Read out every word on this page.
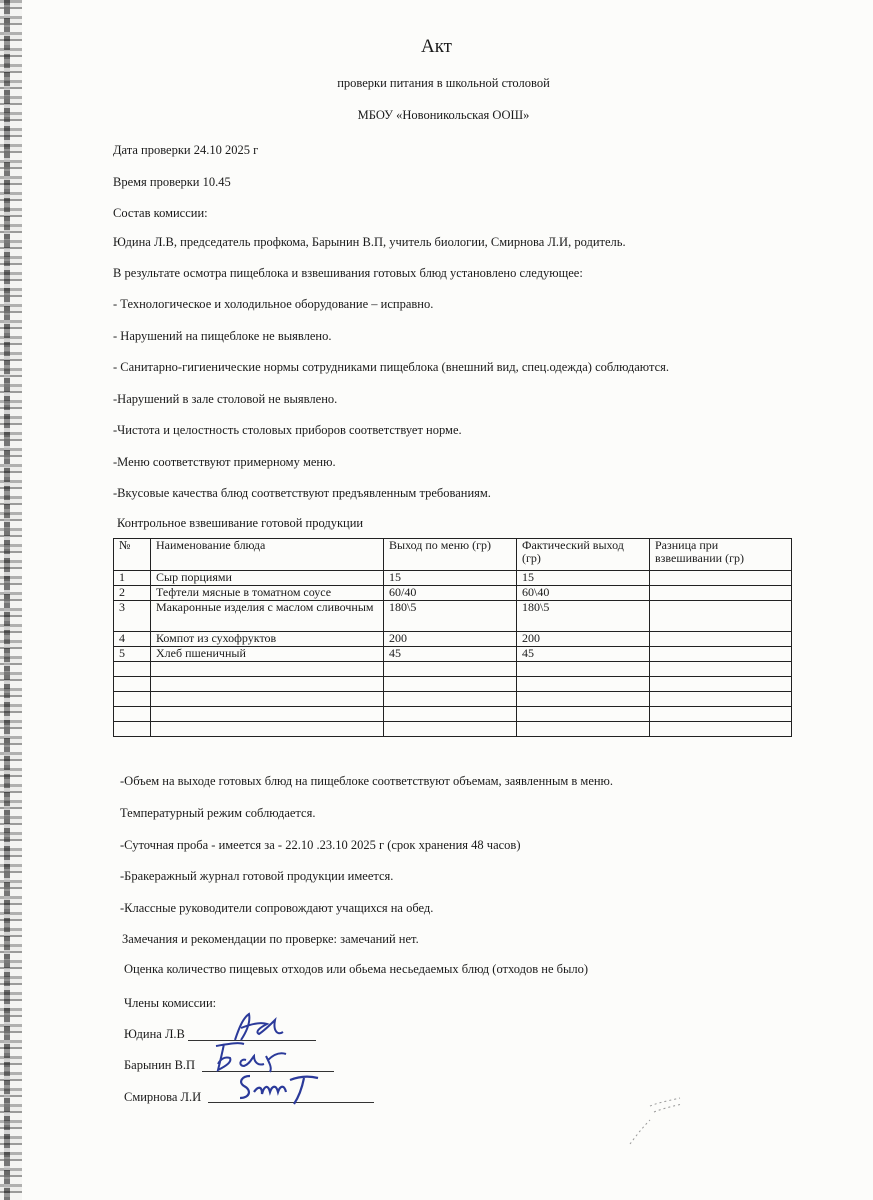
Акт
проверки питания в школьной столовой
МБОУ «Новоникольская ООШ»
Дата проверки 24.10 2025 г
Время проверки 10.45
Состав комиссии:
Юдина Л.В, председатель профкома, Барынин В.П, учитель биологии, Смирнова Л.И, родитель.
В результате осмотра пищеблока и взвешивания готовых блюд установлено следующее:
- Технологическое и холодильное оборудование – исправно.
- Нарушений на пищеблоке не выявлено.
- Санитарно-гигиенические нормы сотрудниками пищеблока (внешний вид, спец.одежда) соблюдаются.
-Нарушений в зале столовой не выявлено.
-Чистота и целостность столовых приборов соответствует норме.
-Меню соответствуют примерному меню.
-Вкусовые качества блюд соответствуют предъявленным требованиям.
Контрольное взвешивание готовой продукции
№	Наименование блюда	Выход по меню (гр)	Фактический выход (гр)	Разница при взвешивании (гр)
1	Сыр порциями	15	15	
2	Тефтели мясные в томатном соусе	60/40	60\40	
3	Макаронные изделия с маслом сливочным	180\5	180\5	
4	Компот из сухофруктов	200	200	
5	Хлеб пшеничный	45	45	

-Объем на выходе готовых блюд на пищеблоке соответствуют объемам, заявленным в меню.
Температурный режим соблюдается.
-Суточная проба - имеется за - 22.10 .23.10 2025 г (срок хранения 48 часов)
-Бракеражный журнал готовой продукции имеется.
-Классные руководители сопровождают учащихся на обед.
Замечания и рекомендации по проверке: замечаний нет.
Оценка количество пищевых отходов или обьема несьедаемых блюд (отходов не было)
Члены комиссии:
Юдина Л.В
Барынин В.П
Смирнова Л.И
